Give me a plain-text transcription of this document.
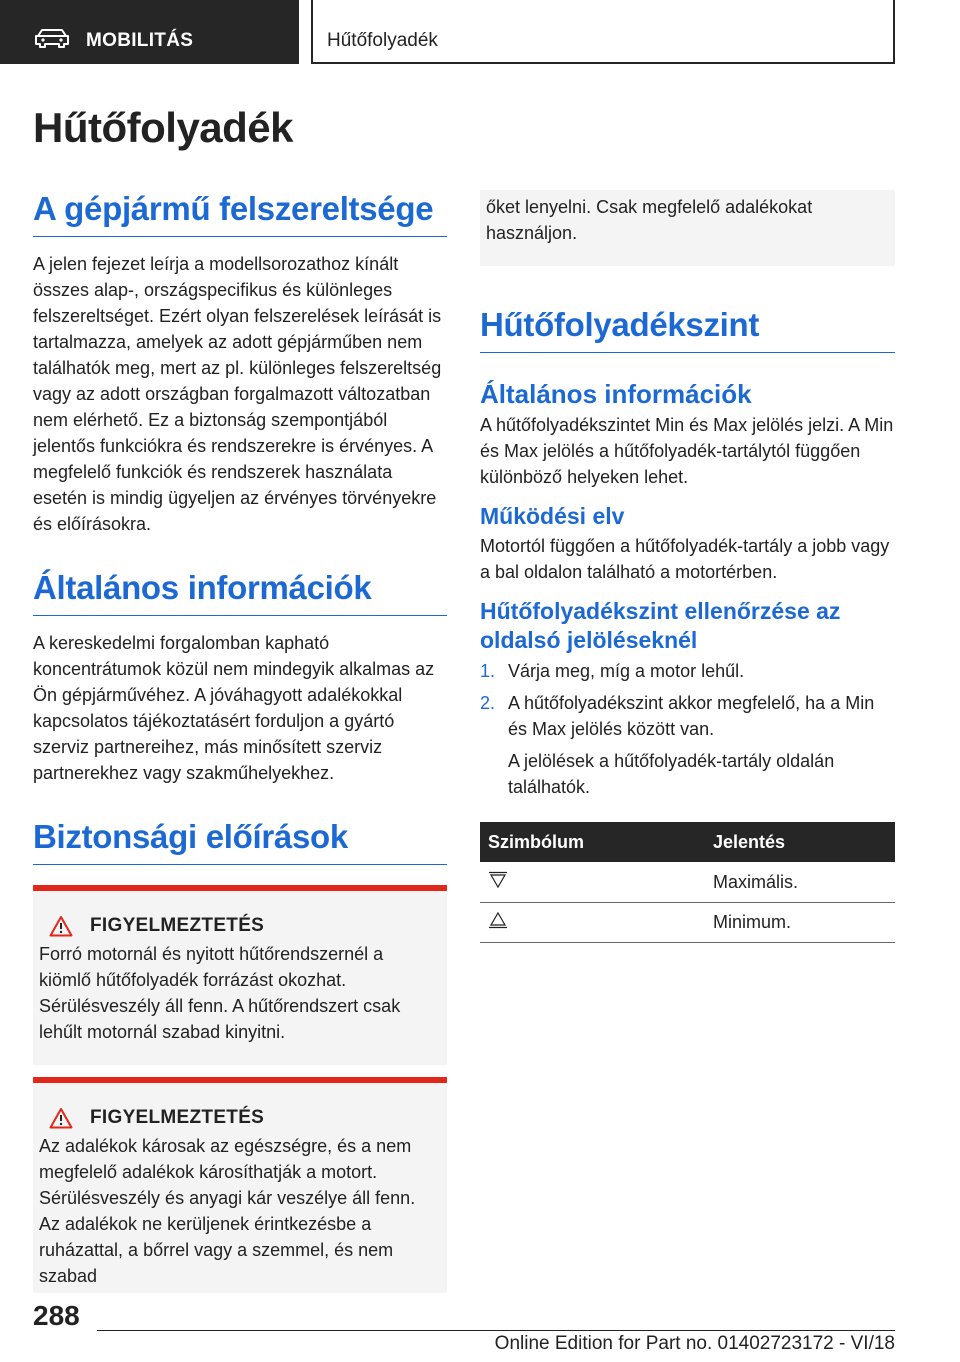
MOBILITÁS	Hűtőfolyadék
Hűtőfolyadék
A gépjármű felszereltsége

A jelen fejezet leírja a modellsorozathoz kínált összes alap-, országspecifikus és különleges felszereltséget. Ezért olyan felszerelések leírását is tartalmazza, amelyek az adott gépjárműben nem találhatók meg, mert az pl. különleges felszereltség vagy az adott országban forgalmazott változatban nem elérhető. Ez a biztonság szempontjából jelentős funkciókra és rendszerekre is érvényes. A megfelelő funkciók és rendszerek használata esetén is mindig ügyeljen az érvényes törvényekre és előírásokra.

Általános információk

A kereskedelmi forgalomban kapható koncentrátumok közül nem mindegyik alkalmas az Ön gépjárművéhez. A jóváhagyott adalékokkal kapcsolatos tájékoztatásért forduljon a gyártó szerviz partnereihez, más minősített szerviz partnerekhez vagy szakműhelyekhez.

Biztonsági előírások
FIGYELMEZTETÉS

Forró motornál és nyitott hűtőrendszernél a kiömlő hűtőfolyadék forrázást okozhat. Sérülésveszély áll fenn. A hűtőrendszert csak lehűlt motornál szabad kinyitni.

FIGYELMEZTETÉS

Az adalékok károsak az egészségre, és a nem megfelelő adalékok károsíthatják a motort. Sérülésveszély és anyagi kár veszélye áll fenn. Az adalékok ne kerüljenek érintkezésbe a ruházattal, a bőrrel vagy a szemmel, és nem szabad

őket lenyelni. Csak megfelelő adalékokat használjon.

Hűtőfolyadékszint
Általános információk

A hűtőfolyadékszintet Min és Max jelölés jelzi. A Min és Max jelölés a hűtőfolyadék-tartálytól függően különböző helyeken lehet.

Működési elv

Motortól függően a hűtőfolyadék-tartály a jobb vagy a bal oldalon található a motortérben.

Hűtőfolyadékszint ellenőrzése az oldalsó jelöléseknél
1. Várja meg, míg a motor lehűl.
2. A hűtőfolyadékszint akkor megfelelő, ha a Min és Max jelölés között van.

A jelölések a hűtőfolyadék-tartály oldalán találhatók.

Szimbólum	Jelentés
	Maximális.
	Minimum.
288
Online Edition for Part no. 01402723172 - VI/18
